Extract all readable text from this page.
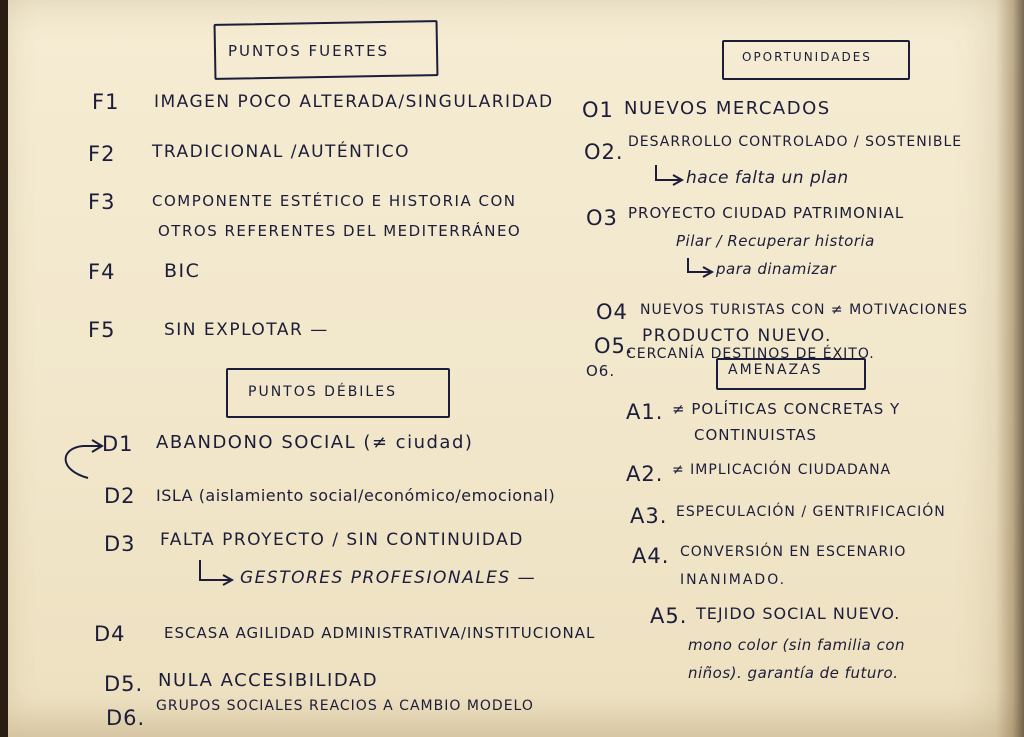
PUNTOS FUERTES	OPORTUNIDADES
PUNTOS DÉBILES
AMENAZAS
F1 IMAGEN POCO ALTERADA/SINGULARIDAD
F2 TRADICIONAL /AUTÉNTICO
F3 COMPONENTE ESTÉTICO E HISTORIA CON
OTROS REFERENTES DEL MEDITERRÁNEO
F4	BIC
F5	SIN EXPLOTAR —
D1 ABANDONO SOCIAL (≠ ciudad)
D2 ISLA (aislamiento social/económico/emocional)
D3 FALTA PROYECTO / SIN CONTINUIDAD
GESTORES PROFESIONALES —
D4	ESCASA AGILIDAD ADMINISTRATIVA/INSTITUCIONAL
D5. NULA ACCESIBILIDAD
D6. GRUPOS SOCIALES REACIOS A CAMBIO MODELO
O1 NUEVOS MERCADOS
O2. DESARROLLO CONTROLADO / SOSTENIBLE
hace falta un plan
O3 PROYECTO CIUDAD PATRIMONIAL
Pilar / Recuperar historia
para dinamizar
O4 NUEVOS TURISTAS CON ≠ MOTIVACIONES
O5. PRODUCTO NUEVO.
O6.
CERCANÍA DESTINOS DE ÉXITO.
A1. ≠ POLÍTICAS CONCRETAS Y
CONTINUISTAS
A2. ≠ IMPLICACIÓN CIUDADANA
A3. ESPECULACIÓN / GENTRIFICACIÓN
A4. CONVERSIÓN EN ESCENARIO
INANIMADO.
A5. TEJIDO SOCIAL NUEVO.
mono color (sin familia con
niños). garantía de futuro.
